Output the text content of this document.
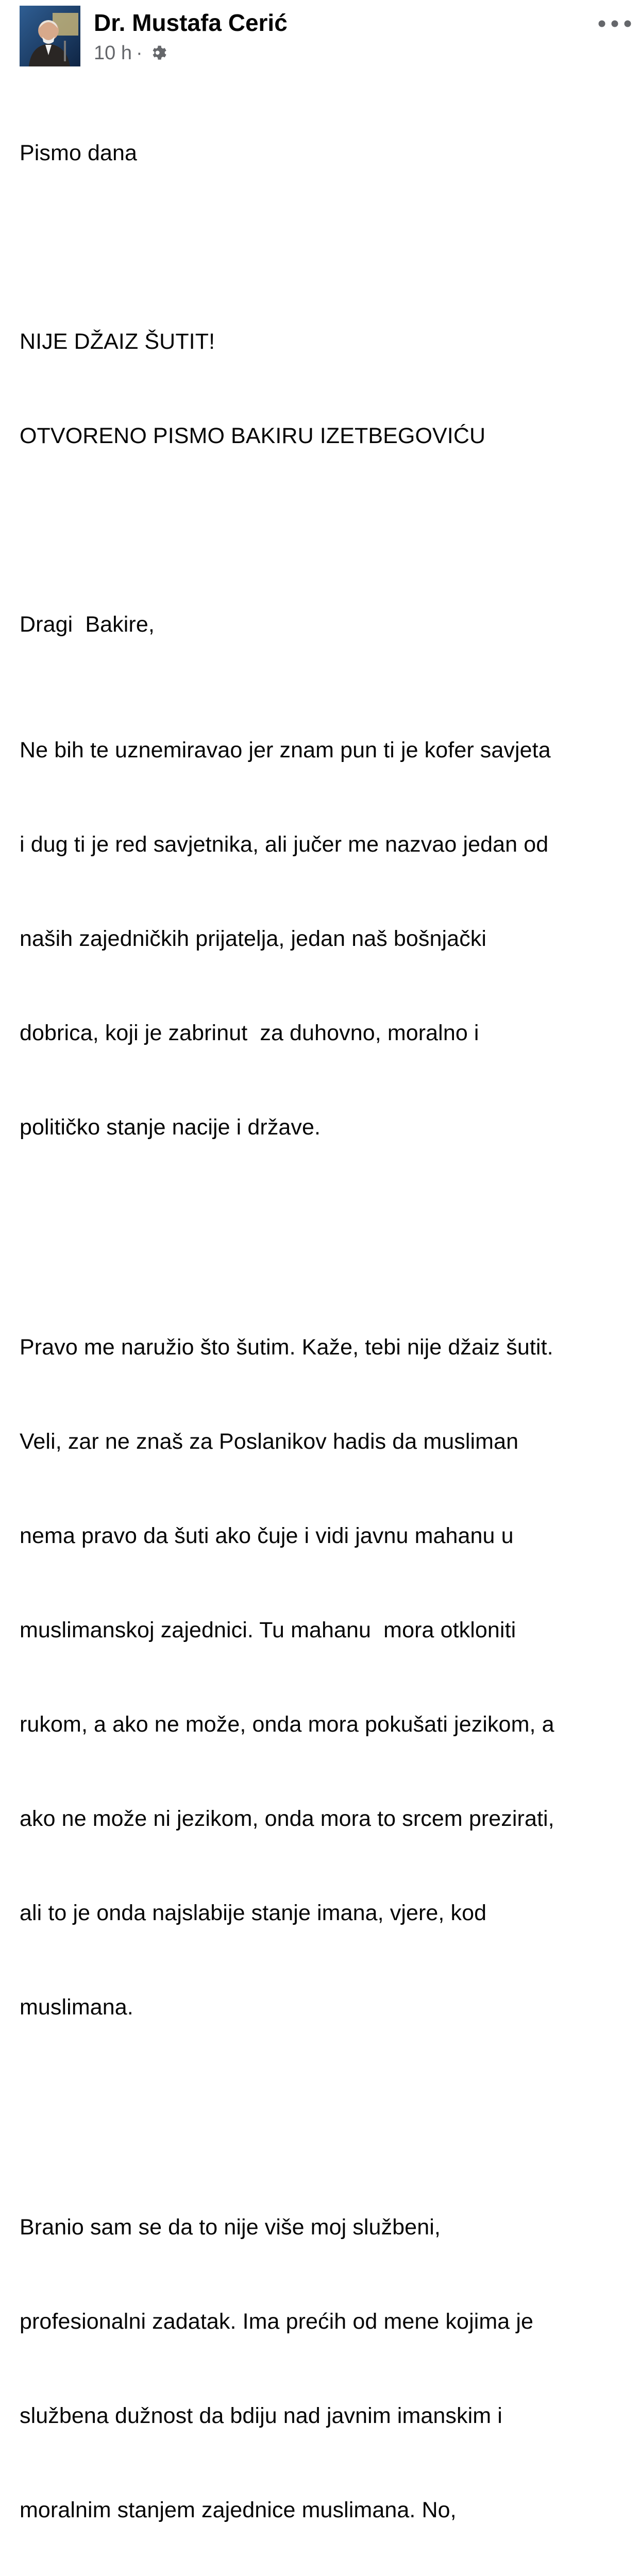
Dr. Mustafa Cerić
10 h ·

Pismo dana

NIJE DŽAIZ ŠUTIT!

OTVORENO PISMO BAKIRU IZETBEGOVIĆU

Dragi  Bakire,

Ne bih te uznemiravao jer znam pun ti je kofer savjeta

i dug ti je red savjetnika, ali jučer me nazvao jedan od

naših zajedničkih prijatelja, jedan naš bošnjački

dobrica, koji je zabrinut  za duhovno, moralno i

političko stanje nacije i države.

Pravo me naružio što šutim. Kaže, tebi nije džaiz šutit.

Veli, zar ne znaš za Poslanikov hadis da musliman

nema pravo da šuti ako čuje i vidi javnu mahanu u

muslimanskoj zajednici. Tu mahanu  mora otkloniti

rukom, a ako ne može, onda mora pokušati jezikom, a

ako ne može ni jezikom, onda mora to srcem prezirati,

ali to je onda najslabije stanje imana, vjere, kod

muslimana.

Branio sam se da to nije više moj službeni,

profesionalni zadatak. Ima prećih od mene kojima je

službena dužnost da bdiju nad javnim imanskim i

moralnim stanjem zajednice muslimana. No,
